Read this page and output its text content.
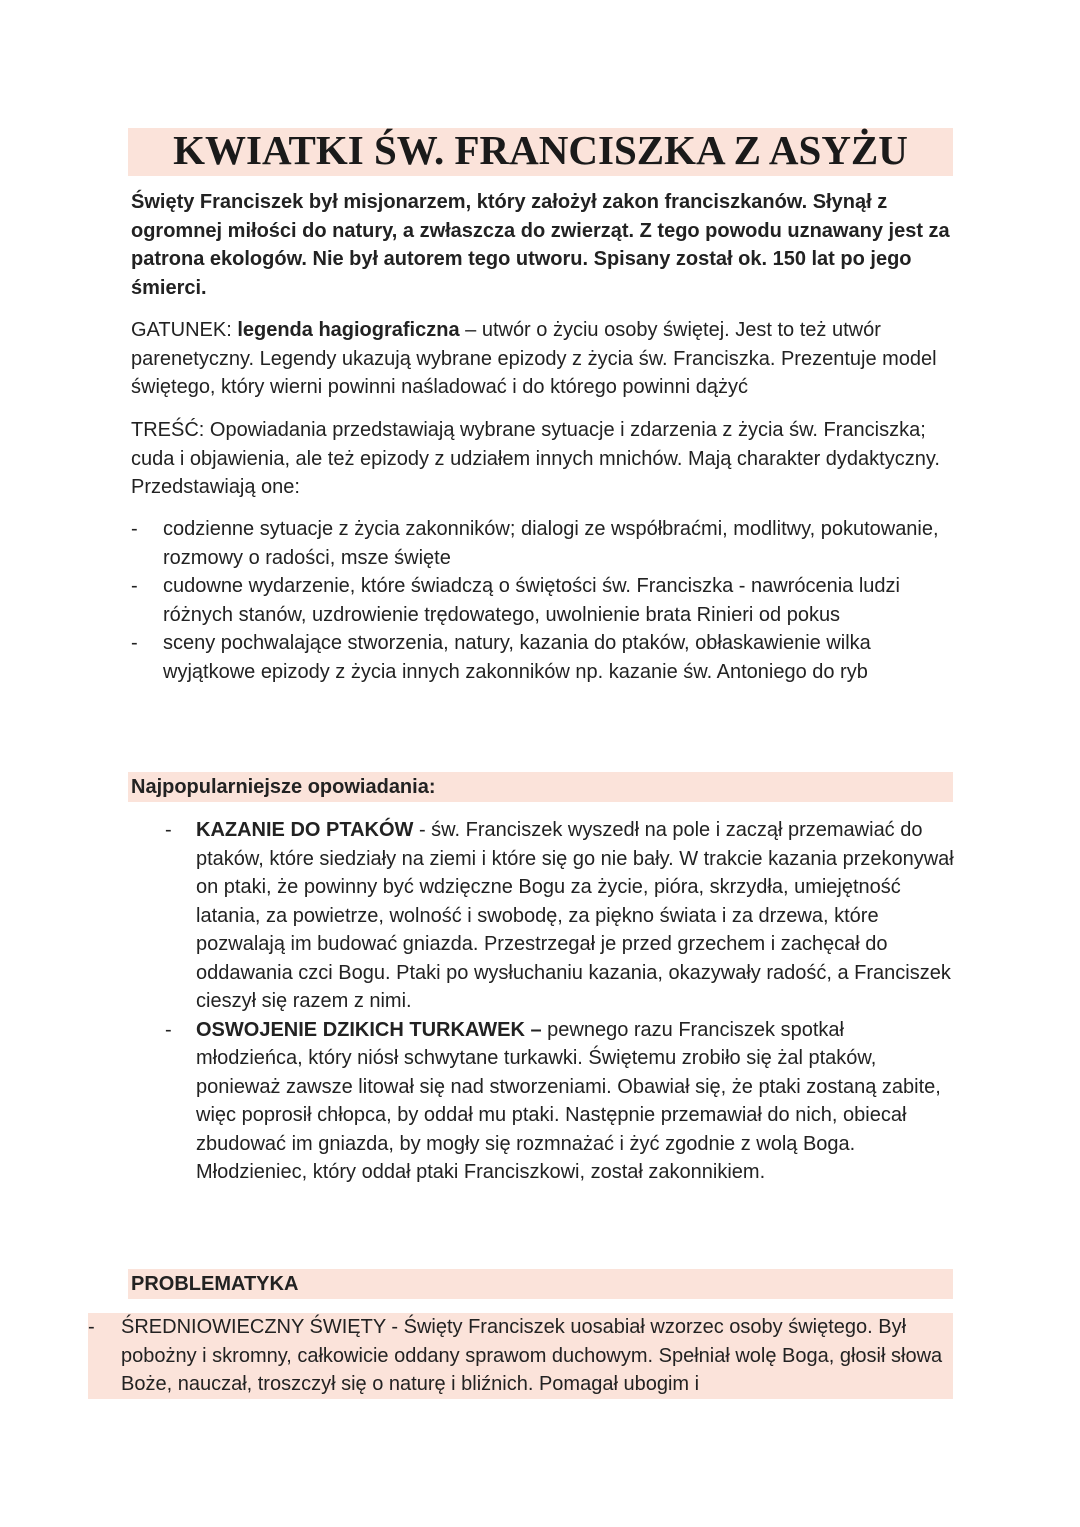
KWIATKI ŚW. FRANCISZKA Z ASYŻU

Święty Franciszek był misjonarzem, który założył zakon franciszkanów. Słynął z ogromnej miłości do natury, a zwłaszcza do zwierząt. Z tego powodu uznawany jest za patrona ekologów. Nie był autorem tego utworu. Spisany został ok. 150 lat po jego śmierci.

GATUNEK: legenda hagiograficzna – utwór o życiu osoby świętej. Jest to też utwór parenetyczny. Legendy ukazują wybrane epizody z życia św. Franciszka. Prezentuje model świętego, który wierni powinni naśladować i do którego powinni dążyć

TREŚĆ: Opowiadania przedstawiają wybrane sytuacje i zdarzenia z życia św. Franciszka; cuda i objawienia, ale też epizody z udziałem innych mnichów. Mają charakter dydaktyczny. Przedstawiają one:

- codzienne sytuacje z życia zakonników; dialogi ze współbraćmi, modlitwy, pokutowanie, rozmowy o radości, msze święte
- cudowne wydarzenie, które świadczą o świętości św. Franciszka - nawrócenia ludzi różnych stanów, uzdrowienie trędowatego, uwolnienie brata Rinieri od pokus
- sceny pochwalające stworzenia, natury, kazania do ptaków, obłaskawienie wilka wyjątkowe epizody z życia innych zakonników np. kazanie św. Antoniego do ryb

Najpopularniejsze opowiadania:

- KAZANIE DO PTAKÓW - św. Franciszek wyszedł na pole i zaczął przemawiać do ptaków, które siedziały na ziemi i które się go nie bały. W trakcie kazania przekonywał on ptaki, że powinny być wdzięczne Bogu za życie, pióra, skrzydła, umiejętność latania, za powietrze, wolność i swobodę, za piękno świata i za drzewa, które pozwalają im budować gniazda. Przestrzegał je przed grzechem i zachęcał do oddawania czci Bogu. Ptaki po wysłuchaniu kazania, okazywały radość, a Franciszek cieszył się razem z nimi.
- OSWOJENIE DZIKICH TURKAWEK – pewnego razu Franciszek spotkał młodzieńca, który niósł schwytane turkawki. Świętemu zrobiło się żal ptaków, ponieważ zawsze litował się nad stworzeniami. Obawiał się, że ptaki zostaną zabite, więc poprosił chłopca, by oddał mu ptaki. Następnie przemawiał do nich, obiecał zbudować im gniazda, by mogły się rozmnażać i żyć zgodnie z wolą Boga. Młodzieniec, który oddał ptaki Franciszkowi, został zakonnikiem.

PROBLEMATYKA

- ŚREDNIOWIECZNY ŚWIĘTY - Święty Franciszek uosabiał wzorzec osoby świętego. Był pobożny i skromny, całkowicie oddany sprawom duchowym. Spełniał wolę Boga, głosił słowa Boże, nauczał, troszczył się o naturę i bliźnich. Pomagał ubogim i
